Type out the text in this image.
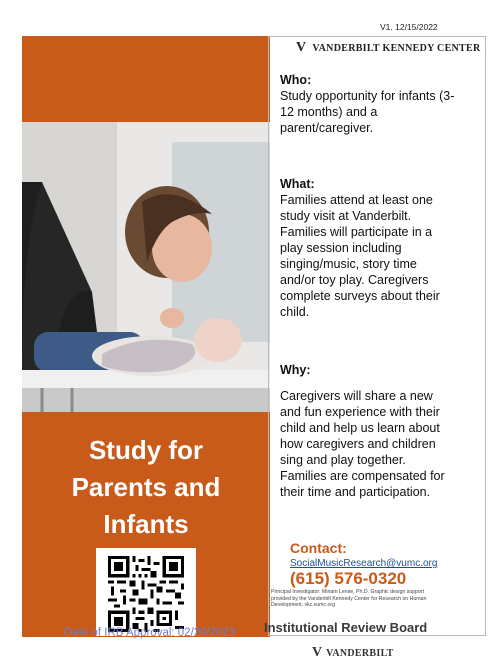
V1. 12/15/2022
Study for
Parents and
Infants
V VANDERBILT KENNEDY CENTER
Who:
Study opportunity for infants (3-
12 months) and a
parent/caregiver.
What:
Families attend at least one
study visit at Vanderbilt.
Families will participate in a
play session including
singing/music, story time
and/or toy play. Caregivers
complete surveys about their
child.
Why:
Caregivers will share a new
and fun experience with their
child and help us learn about
how caregivers and children
sing and play together.
Families are compensated for
their time and participation.
Contact:
SocialMusicResearch@vumc.org
(615) 576-0320
Principal Investigator: Miriam Lense, Ph.D. Graphic design support
provided by the Vanderbilt Kennedy Center for Research on Human
Development. vkc.vumc.org
Institutional Review Board
Date of IRB Approval: 02/20/2023
V VANDERBILT
